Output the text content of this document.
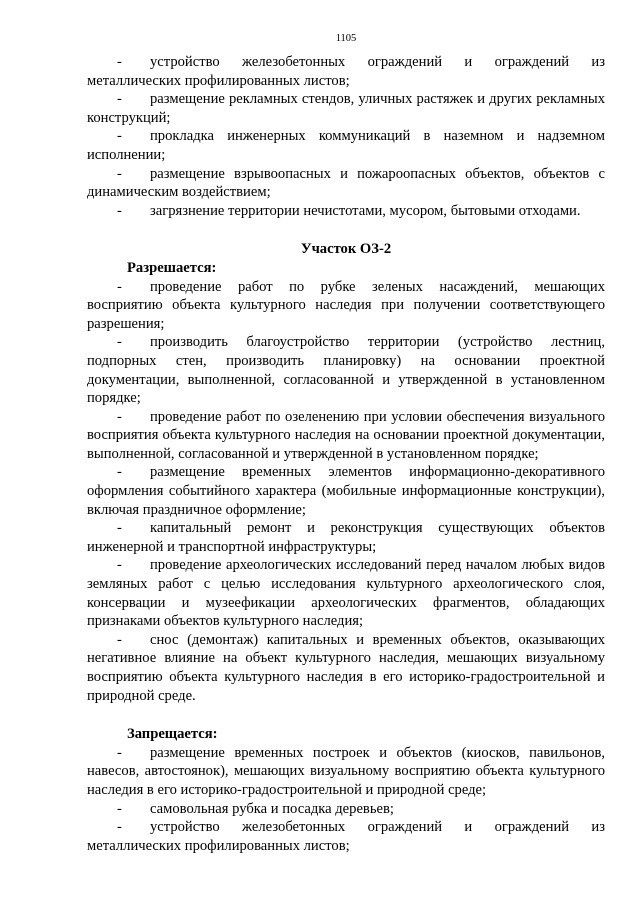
1105

- устройство железобетонных ограждений и ограждений из металлических профилированных листов;

- размещение рекламных стендов, уличных растяжек и других рекламных конструкций;

- прокладка инженерных коммуникаций в наземном и надземном исполнении;

- размещение взрывоопасных и пожароопасных объектов, объектов с динамическим воздействием;

- загрязнение территории нечистотами, мусором, бытовыми отходами.

Участок ОЗ-2
Разрешается:

- проведение работ по рубке зеленых насаждений, мешающих восприятию объекта культурного наследия при получении соответствующего разрешения;

- производить благоустройство территории (устройство лестниц, подпорных стен, производить планировку) на основании проектной документации, выполненной, согласованной и утвержденной в установленном порядке;

- проведение работ по озеленению при условии обеспечения визуального восприятия объекта культурного наследия на основании проектной документации, выполненной, согласованной и утвержденной в установленном порядке;

- размещение временных элементов информационно-декоративного оформления событийного характера (мобильные информационные конструкции), включая праздничное оформление;

- капитальный ремонт и реконструкция существующих объектов инженерной и транспортной инфраструктуры;

- проведение археологических исследований перед началом любых видов земляных работ с целью исследования культурного археологического слоя, консервации и музеефикации археологических фрагментов, обладающих признаками объектов культурного наследия;

- снос (демонтаж) капитальных и временных объектов, оказывающих негативное влияние на объект культурного наследия, мешающих визуальному восприятию объекта культурного наследия в его историко-градостроительной и природной среде.

Запрещается:

- размещение временных построек и объектов (киосков, павильонов, навесов, автостоянок), мешающих визуальному восприятию объекта культурного наследия в его историко-градостроительной и природной среде;

- самовольная рубка и посадка деревьев;

- устройство железобетонных ограждений и ограждений из металлических профилированных листов;
